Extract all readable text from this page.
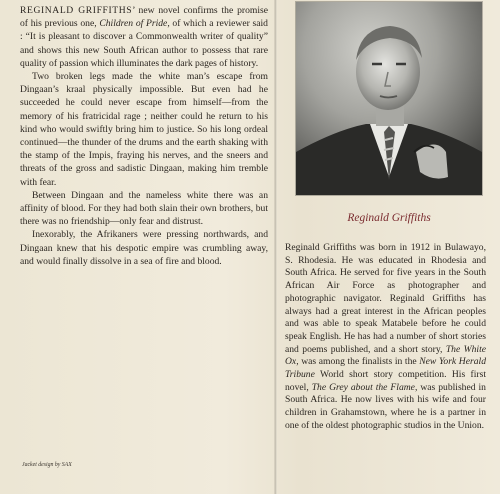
REGINALD GRIFFITHS’ new novel confirms the promise of his previous one, Children of Pride, of which a reviewer said : “It is pleasant to discover a Commonwealth writer of quality” and shows this new South African author to possess that rare quality of passion which illuminates the dark pages of history.

Two broken legs made the white man’s escape from Dingaan’s kraal physically impossible. But even had he succeeded he could never escape from himself—from the memory of his fratricidal rage ; neither could he return to his kind who would swiftly bring him to justice. So his long ordeal continued—the thunder of the drums and the earth shaking with the stamp of the Impis, fraying his nerves, and the sneers and threats of the gross and sadistic Dingaan, making him tremble with fear.

Between Dingaan and the nameless white there was an affinity of blood. For they had both slain their own brothers, but there was no friendship—only fear and distrust.

Inexorably, the Afrikaners were pressing northwards, and Dingaan knew that his despotic empire was crumbling away, and would finally dissolve in a sea of fire and blood.

Jacket design by SAX
Reginald Griffiths

Reginald Griffiths was born in 1912 in Bulawayo, S. Rhodesia. He was educated in Rhodesia and South Africa. He served for five years in the South African Air Force as photographer and photographic navigator. Reginald Griffiths has always had a great interest in the African peoples and was able to speak Matabele before he could speak English. He has had a number of short stories and poems published, and a short story, The White Ox, was among the finalists in the New York Herald Tribune World short story competition. His first novel, The Grey about the Flame, was published in South Africa. He now lives with his wife and four children in Grahamstown, where he is a partner in one of the oldest photographic studios in the Union.
